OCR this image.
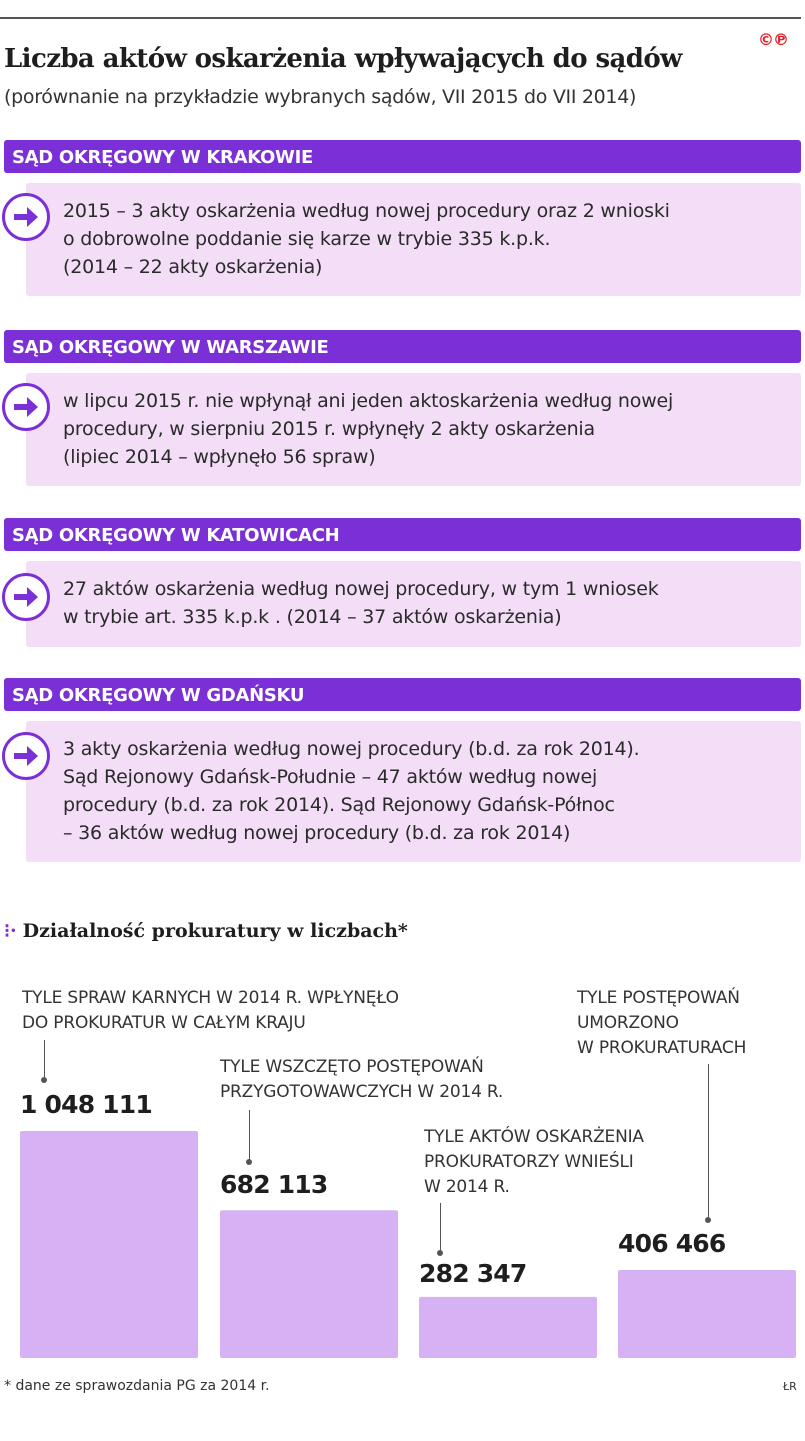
©℗
Liczba aktów oskarżenia wpływających do sądów
(porównanie na przykładzie wybranych sądów, VII 2015 do VII 2014)
SĄD OKRĘGOWY W KRAKOWIE
2015 – 3 akty oskarżenia według nowej procedury oraz 2 wnioski
o dobrowolne poddanie się karze w trybie 335 k.p.k.
(2014 – 22 akty oskarżenia)
SĄD OKRĘGOWY W WARSZAWIE
w lipcu 2015 r. nie wpłynął ani jeden aktoskarżenia według nowej
procedury, w sierpniu 2015 r. wpłynęły 2 akty oskarżenia
(lipiec 2014 – wpłynęło 56 spraw)
SĄD OKRĘGOWY W KATOWICACH
27 aktów oskarżenia według nowej procedury, w tym 1 wniosek
w trybie art. 335 k.p.k . (2014 – 37 aktów oskarżenia)
SĄD OKRĘGOWY W GDAŃSKU
3 akty oskarżenia według nowej procedury (b.d. za rok 2014).
Sąd Rejonowy Gdańsk-Południe – 47 aktów według nowej
procedury (b.d. za rok 2014). Sąd Rejonowy Gdańsk-Północ
– 36 aktów według nowej procedury (b.d. za rok 2014)
⁝· Działalność prokuratury w liczbach*
TYLE SPRAW KARNYCH W 2014 R. WPŁYNĘŁO
DO PROKURATUR W CAŁYM KRAJU
TYLE WSZCZĘTO POSTĘPOWAŃ
PRZYGOTOWAWCZYCH W 2014 R.
TYLE AKTÓW OSKARŻENIA
PROKURATORZY WNIEŚLI
W 2014 R.
TYLE POSTĘPOWAŃ
UMORZONO
W PROKURATURACH
1 048 111
682 113
282 347
406 466
* dane ze sprawozdania PG za 2014 r.	ŁR
